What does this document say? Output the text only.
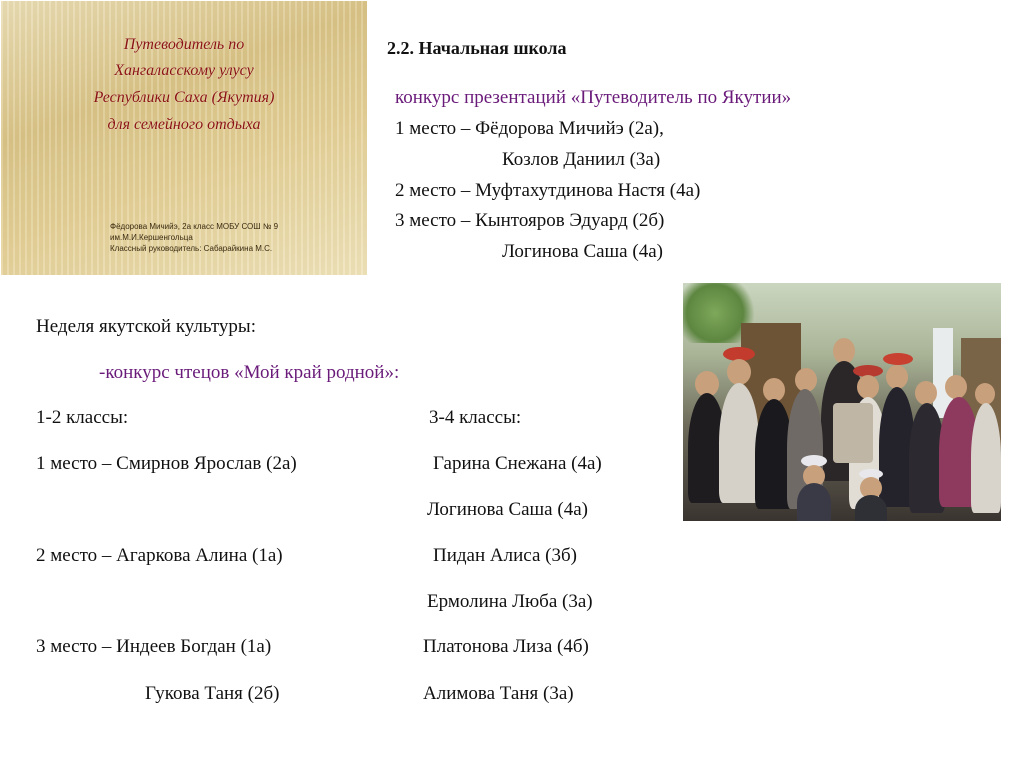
Путеводитель по
Хангаласскому улусу
Республики Саха (Якутия)
для семейного отдыха
Фёдорова Мичийэ, 2а класс МОБУ СОШ № 9
им.М.И.Кершенгольца
Классный руководитель: Сабарайкина М.С.
2.2. Начальная школа
конкурс презентаций «Путеводитель по Якутии»
1 место – Фёдорова Мичийэ (2а),
Козлов Даниил (3а)
2 место – Муфтахутдинова Настя (4а)
3 место – Кынтояров Эдуард (2б)
Логинова Саша (4а)
Неделя якутской культуры:
-конкурс чтецов «Мой край родной»:
1-2 классы:	3-4 классы:
1 место – Смирнов Ярослав (2а)
2 место – Агаркова Алина (1а)
3 место – Индеев Богдан (1а)
Гукова Таня (2б)
Гарина Снежана (4а)
Логинова Саша (4а)
Пидан Алиса (3б)
Ермолина Люба (3а)
Платонова Лиза (4б)
Алимова Таня (3а)
